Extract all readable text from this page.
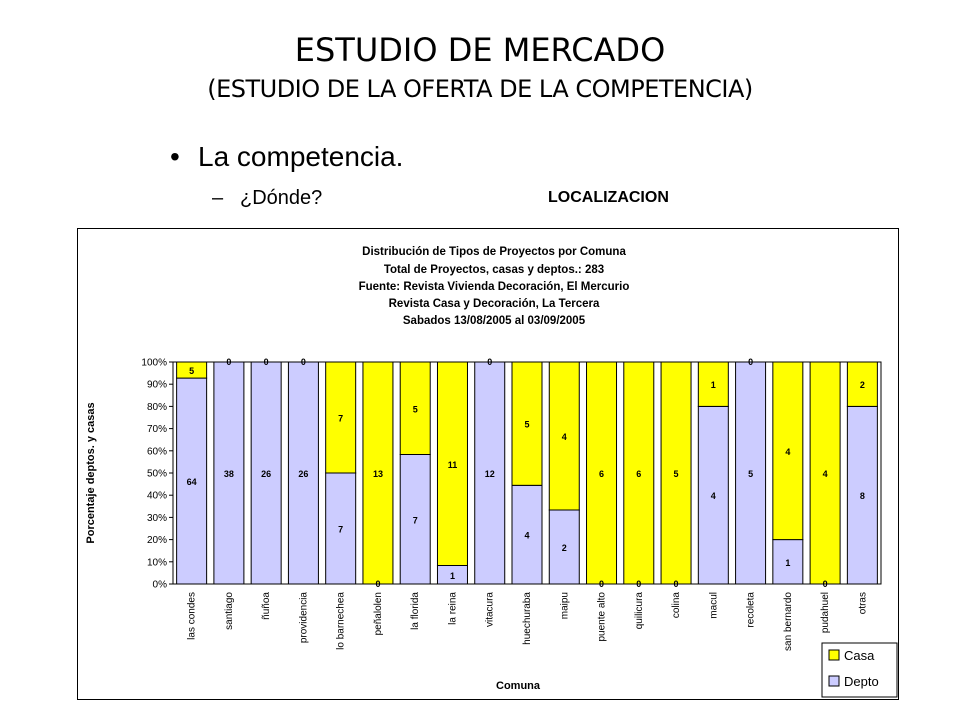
ESTUDIO DE MERCADO
(ESTUDIO DE LA OFERTA DE LA COMPETENCIA)
• La competencia.
– ¿Dónde?	LOCALIZACION
Distribución de Tipos de Proyectos por Comuna
Total de Proyectos, casas y deptos.: 283
Fuente: Revista Vivienda Decoración, El Mercurio
Revista Casa y Decoración, La Tercera
Sabados 13/08/2005 al 03/09/2005
0%
10%
20%
30%
40%
50%
60%
70%
80%
90%
100%
Porcentaje deptos. y casas	64
5
las condes
38
0
santiago
26
0
ñuñoa
26
0
providencia
7
7
lo barnechea
0
13
peñalolen
7
5
la florida
1
11
la reina
12
0
vitacura
4
5
huechuraba
2
4
maipu
0
6
puente alto
0
6
quilicura
0
5
colina
4
1
macul
5
0
recoleta
1
4
san bernardo
0
4
pudahuel
8
2
otras
Comuna
Casa
Depto
